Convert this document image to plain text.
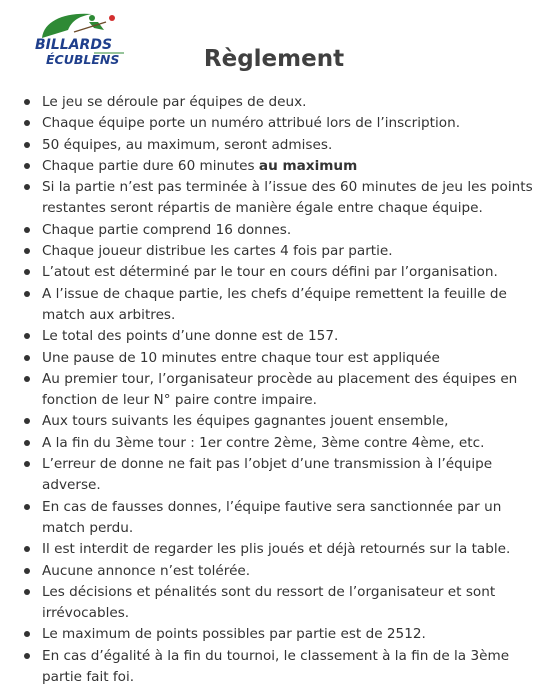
BILLARDS
ÉCUBLENS	Règlement
Le jeu se déroule par équipes de deux.
Chaque équipe porte un numéro attribué lors de l’inscription.
50 équipes, au maximum, seront admises.
Chaque partie dure 60 minutes au maximum
Si la partie n’est pas terminée à l’issue des 60 minutes de jeu les points restantes seront répartis de manière égale entre chaque équipe.
Chaque partie comprend 16 donnes.
Chaque joueur distribue les cartes 4 fois par partie.
L’atout est déterminé par le tour en cours défini par l’organisation.
A l’issue de chaque partie, les chefs d’équipe remettent la feuille de match aux arbitres.
Le total des points d’une donne est de 157.
Une pause de 10 minutes entre chaque tour est appliquée
Au premier tour, l’organisateur procède au placement des équipes en fonction de leur N° paire contre impaire.
Aux tours suivants les équipes gagnantes jouent ensemble,
A la fin du 3ème tour : 1er contre 2ème, 3ème contre 4ème, etc.
L’erreur de donne ne fait pas l’objet d’une transmission à l’équipe adverse.
En cas de fausses donnes, l’équipe fautive sera sanctionnée par un match perdu.
Il est interdit de regarder les plis joués et déjà retournés sur la table.
Aucune annonce n’est tolérée.
Les décisions et pénalités sont du ressort de l’organisateur et sont irrévocables.
Le maximum de points possibles par partie est de 2512.
En cas d’égalité à la fin du tournoi, le classement à la fin de la 3ème partie fait foi.
